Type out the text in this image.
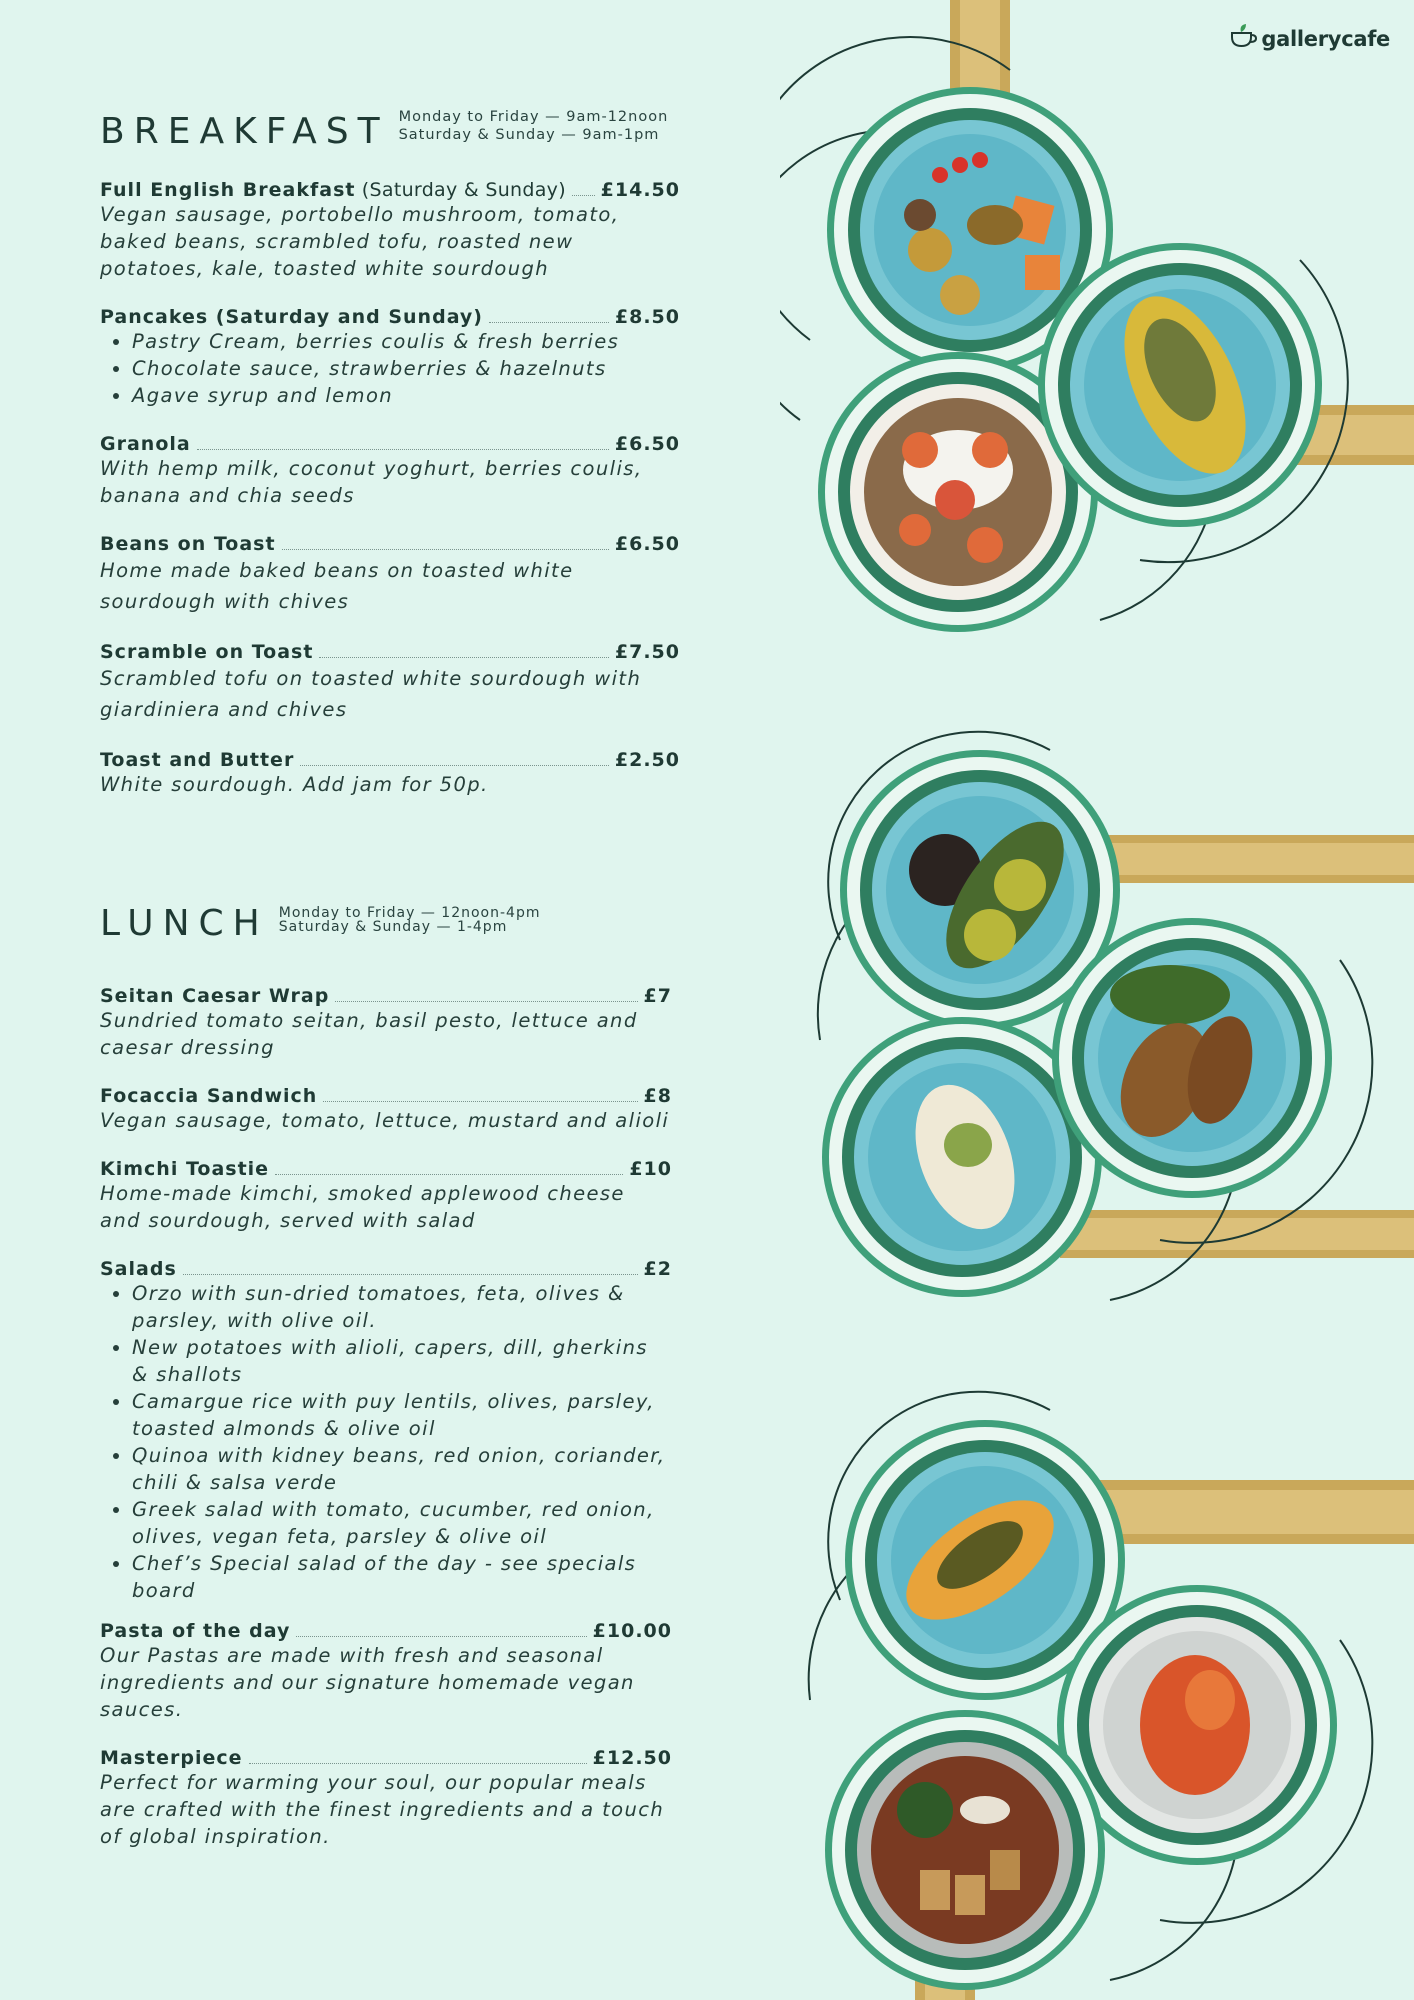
gallerycafe
BREAKFAST Monday to Friday — 9am-12noon
Saturday & Sunday — 9am-1pm
Full English Breakfast (Saturday & Sunday) £14.50

Vegan sausage, portobello mushroom, tomato, baked beans, scrambled tofu, roasted new potatoes, kale, toasted white sourdough

Pancakes (Saturday and Sunday)	£8.50
• Pastry Cream, berries coulis & fresh berries
• Chocolate sauce, strawberries & hazelnuts
• Agave syrup and lemon
Granola	£6.50

With hemp milk, coconut yoghurt, berries coulis, banana and chia seeds

Beans on Toast	£6.50

Home made baked beans on toasted white sourdough with chives

Scramble on Toast	£7.50

Scrambled tofu on toasted white sourdough with giardiniera and chives

Toast and Butter	£2.50

White sourdough. Add jam for 50p.

LUNCH Monday to Friday — 12noon-4pm
Saturday & Sunday — 1-4pm
Seitan Caesar Wrap	£7

Sundried tomato seitan, basil pesto, lettuce and caesar dressing

Focaccia Sandwich	£8

Vegan sausage, tomato, lettuce, mustard and alioli

Kimchi Toastie	£10

Home-made kimchi, smoked applewood cheese and sourdough, served with salad

Salads	£2
• Orzo with sun-dried tomatoes, feta, olives & parsley, with olive oil.
• New potatoes with alioli, capers, dill, gherkins & shallots
• Camargue rice with puy lentils, olives, parsley, toasted almonds & olive oil
• Quinoa with kidney beans, red onion, coriander, chili & salsa verde
• Greek salad with tomato, cucumber, red onion, olives, vegan feta, parsley & olive oil
• Chef’s Special salad of the day - see specials board
Pasta of the day	£10.00

Our Pastas are made with fresh and seasonal ingredients and our signature homemade vegan sauces.

Masterpiece	£12.50

Perfect for warming your soul, our popular meals are crafted with the finest ingredients and a touch of global inspiration.
